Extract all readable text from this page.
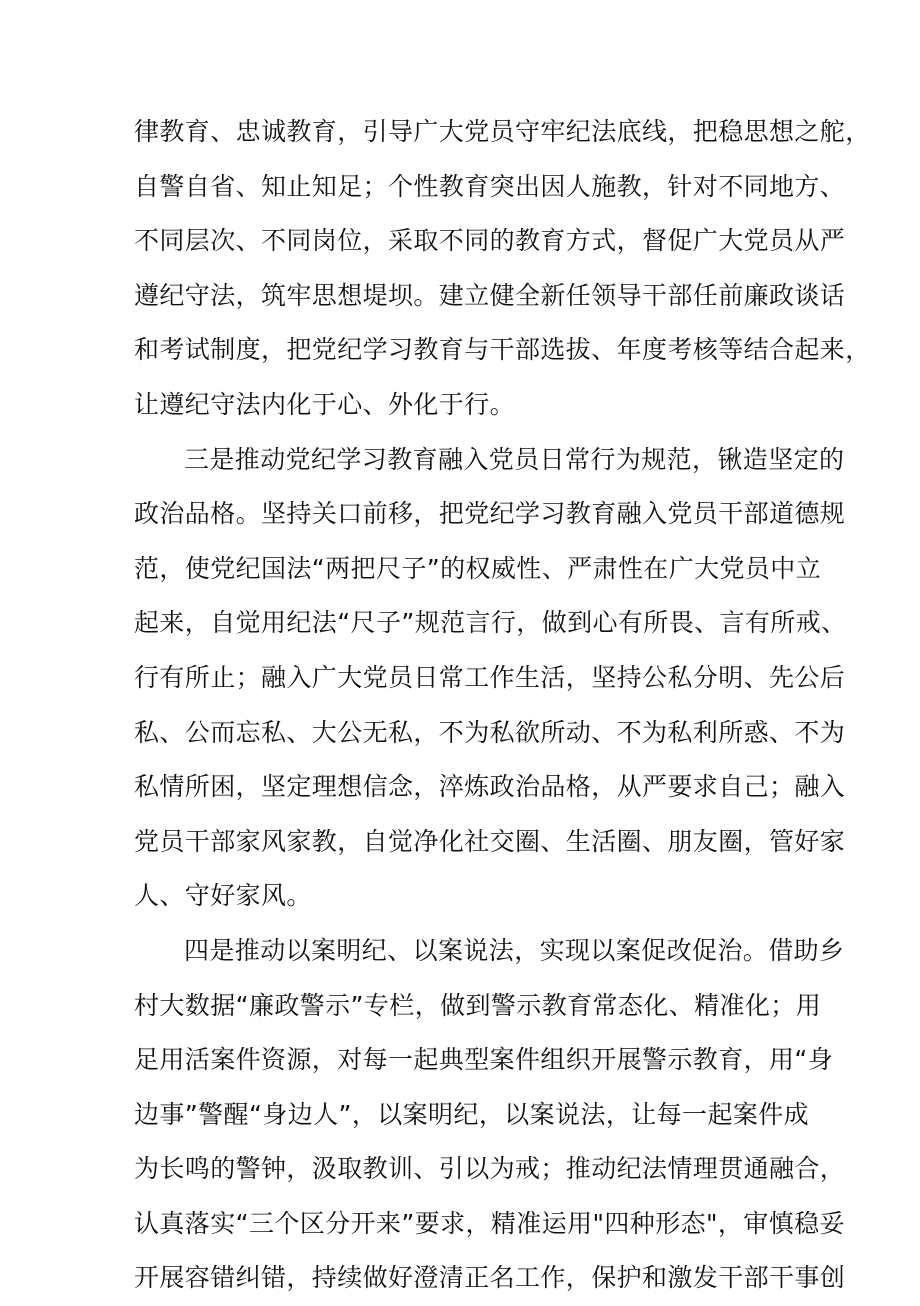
律教育、忠诚教育，引导广大党员守牢纪法底线，把稳思想之舵，
自警自省、知止知足；个性教育突出因人施教，针对不同地方、
不同层次、不同岗位，采取不同的教育方式，督促广大党员从严
遵纪守法，筑牢思想堤坝。建立健全新任领导干部任前廉政谈话
和考试制度，把党纪学习教育与干部选拔、年度考核等结合起来，
让遵纪守法内化于心、外化于行。
三是推动党纪学习教育融入党员日常行为规范，锹造坚定的
政治品格。坚持关口前移，把党纪学习教育融入党员干部道德规
范，使党纪国法“两把尺子”的权威性、严肃性在广大党员中立
起来，自觉用纪法“尺子”规范言行，做到心有所畏、言有所戒、
行有所止；融入广大党员日常工作生活，坚持公私分明、先公后
私、公而忘私、大公无私，不为私欲所动、不为私利所惑、不为
私情所困，坚定理想信念，淬炼政治品格，从严要求自己；融入
党员干部家风家教，自觉净化社交圈、生活圈、朋友圈，管好家
人、守好家风。
四是推动以案明纪、以案说法，实现以案促改促治。借助乡
村大数据“廉政警示”专栏，做到警示教育常态化、精准化；用
足用活案件资源，对每一起典型案件组织开展警示教育，用“身
边事”警醒“身边人”，以案明纪，以案说法，让每一起案件成
为长鸣的警钟，汲取教训、引以为戒；推动纪法情理贯通融合，
认真落实“三个区分开来”要求，精准运用"四种形态"，审慎稳妥
开展容错纠错，持续做好澄清正名工作，保护和激发干部干事创
